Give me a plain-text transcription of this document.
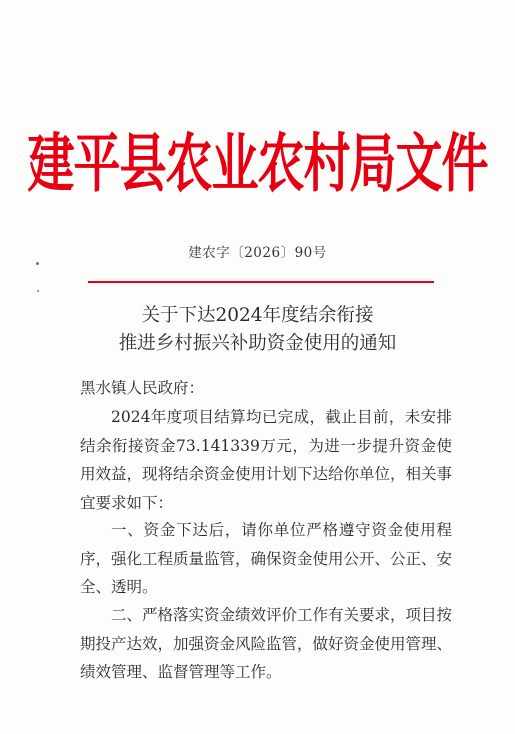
建平县农业农村局文件
建农字〔2026〕90号
关于下达2024年度结余衔接
推进乡村振兴补助资金使用的通知
黑水镇人民政府：

2024年度项目结算均已完成，截止目前，未安排结余衔接资金73.141339万元，为进一步提升资金使用效益，现将结余资金使用计划下达给你单位，相关事宜要求如下：

一、资金下达后，请你单位严格遵守资金使用程序，强化工程质量监管，确保资金使用公开、公正、安全、透明。

二、严格落实资金绩效评价工作有关要求，项目按期投产达效，加强资金风险监管，做好资金使用管理、绩效管理、监督管理等工作。
